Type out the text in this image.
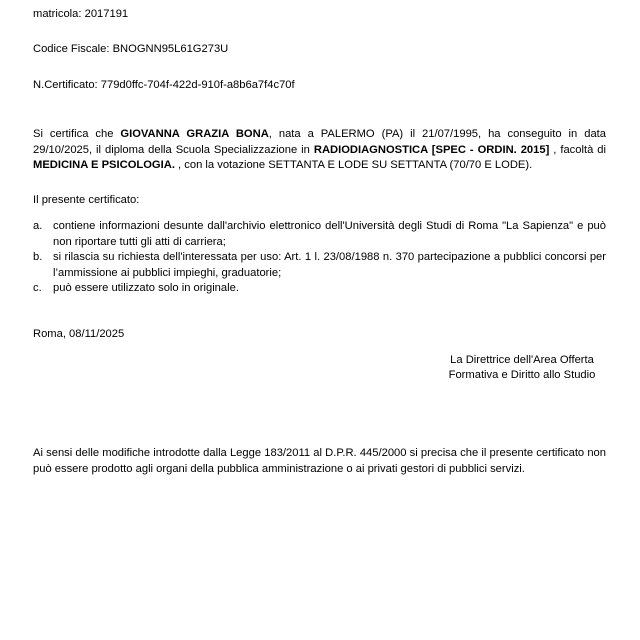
matricola: 2017191
Codice Fiscale: BNOGNN95L61G273U
N.Certificato: 779d0ffc-704f-422d-910f-a8b6a7f4c70f
Si certifica che GIOVANNA GRAZIA BONA, nata a PALERMO (PA) il 21/07/1995, ha conseguito in data 29/10/2025, il diploma della Scuola Specializzazione in RADIODIAGNOSTICA [SPEC - ORDIN. 2015] , facoltà di MEDICINA E PSICOLOGIA. , con la votazione SETTANTA E LODE SU SETTANTA (70/70 E LODE).
Il presente certificato:
a. contiene informazioni desunte dall'archivio elettronico dell'Università degli Studi di Roma "La Sapienza" e può non riportare tutti gli atti di carriera;
b. si rilascia su richiesta dell'interessata per uso: Art. 1 l. 23/08/1988 n. 370 partecipazione a pubblici concorsi per l’ammissione ai pubblici impieghi, graduatorie;
c. può essere utilizzato solo in originale.
Roma, 08/11/2025
La Direttrice dell'Area Offerta
Formativa e Diritto allo Studio
Ai sensi delle modifiche introdotte dalla Legge 183/2011 al D.P.R. 445/2000 si precisa che il presente certificato non può essere prodotto agli organi della pubblica amministrazione o ai privati gestori di pubblici servizi.
